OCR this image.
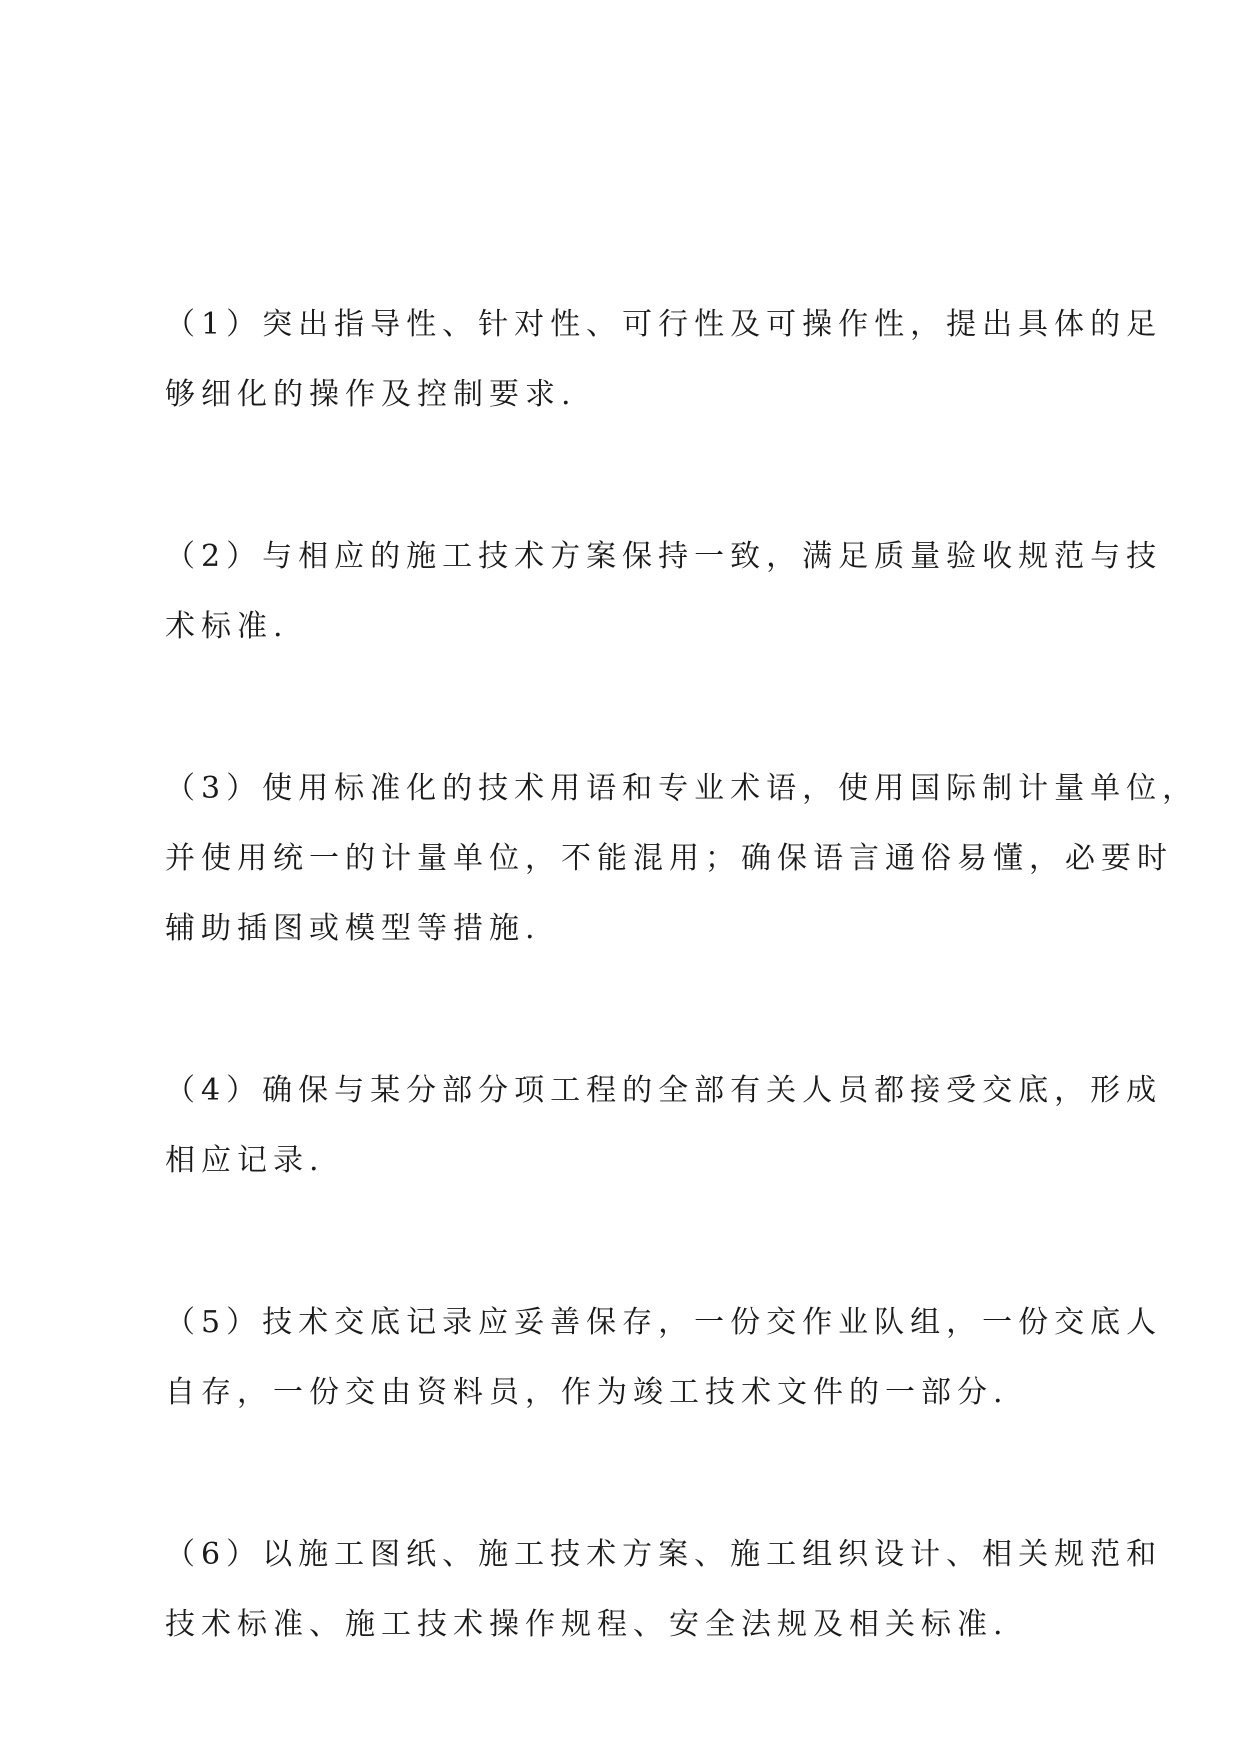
（1）突出指导性、针对性、可行性及可操作性，提出具体的足
够细化的操作及控制要求.

（2）与相应的施工技术方案保持一致，满足质量验收规范与技
术标准.

（3）使用标准化的技术用语和专业术语，使用国际制计量单位，
并使用统一的计量单位，不能混用；确保语言通俗易懂，必要时
辅助插图或模型等措施.

（4）确保与某分部分项工程的全部有关人员都接受交底，形成
相应记录.

（5）技术交底记录应妥善保存，一份交作业队组，一份交底人
自存，一份交由资料员，作为竣工技术文件的一部分.

（6）以施工图纸、施工技术方案、施工组织设计、相关规范和
技术标准、施工技术操作规程、安全法规及相关标准.
